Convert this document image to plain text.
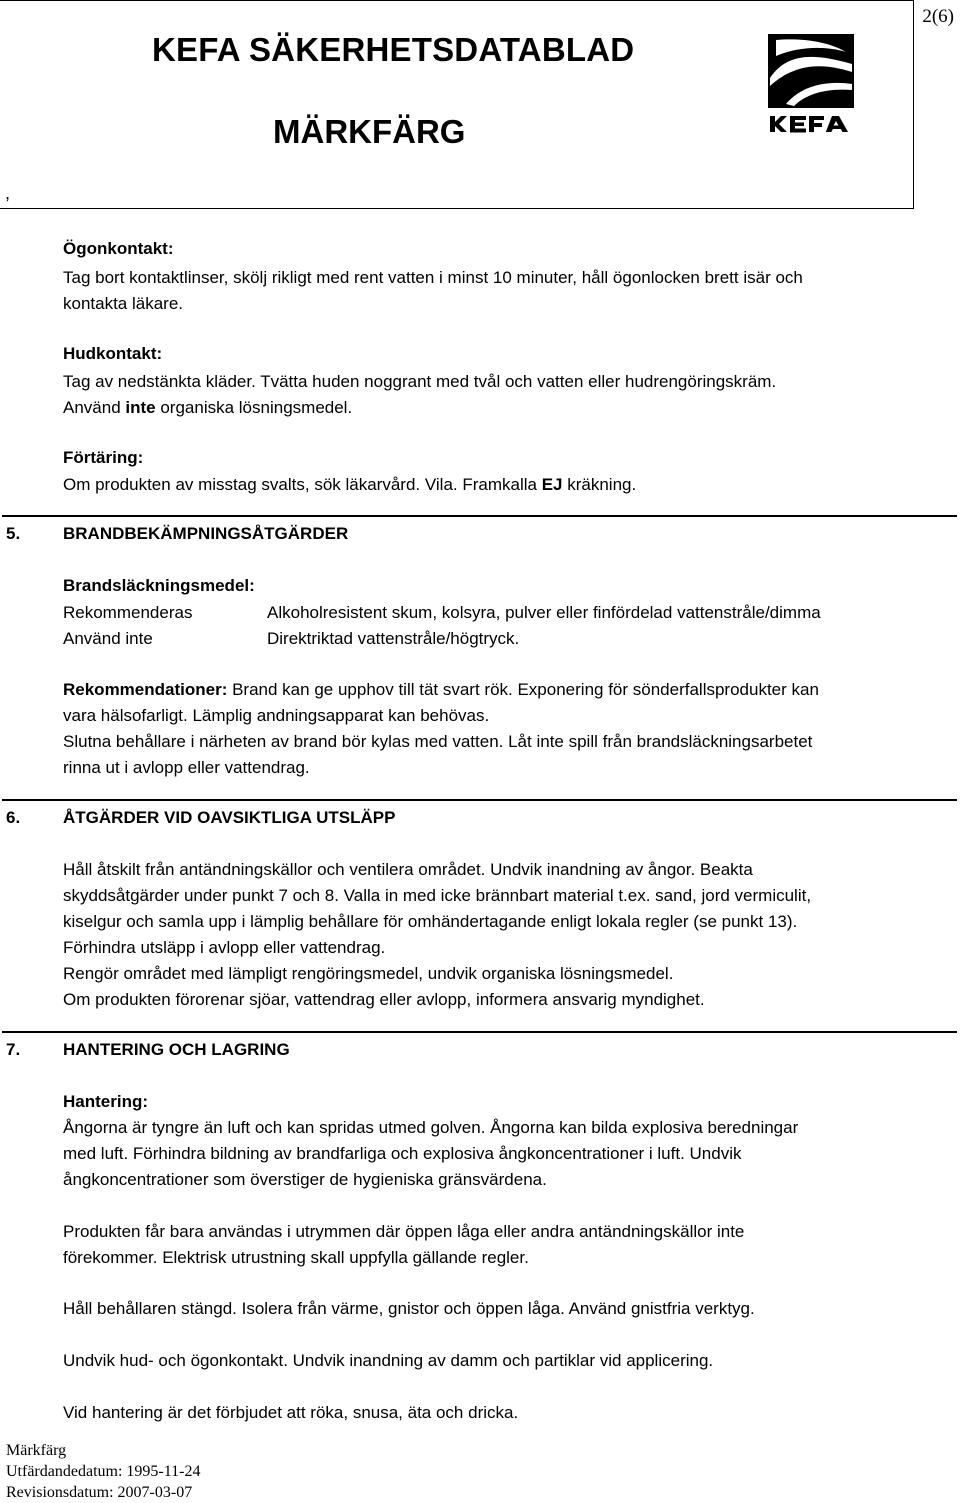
2(6)
KEFA SÄKERHETSDATABLAD
MÄRKFÄRG
,
KEFA
Ögonkontakt:
Tag bort kontaktlinser, skölj rikligt med rent vatten i minst 10 minuter, håll ögonlocken brett isär och
kontakta läkare.
Hudkontakt:
Tag av nedstänkta kläder. Tvätta huden noggrant med tvål och vatten eller hudrengöringskräm.
Använd inte organiska lösningsmedel.
Förtäring:
Om produkten av misstag svalts, sök läkarvård. Vila. Framkalla EJ kräkning.
5.	BRANDBEKÄMPNINGSÅTGÄRDER
Brandsläckningsmedel:
Rekommenderas	Alkoholresistent skum, kolsyra, pulver eller finfördelad vattenstråle/dimma
Använd inte	Direktriktad vattenstråle/högtryck.
Rekommendationer: Brand kan ge upphov till tät svart rök. Exponering för sönderfallsprodukter kan
vara hälsofarligt. Lämplig andningsapparat kan behövas.
Slutna behållare i närheten av brand bör kylas med vatten. Låt inte spill från brandsläckningsarbetet
rinna ut i avlopp eller vattendrag.
6.	ÅTGÄRDER VID OAVSIKTLIGA UTSLÄPP
Håll åtskilt från antändningskällor och ventilera området. Undvik inandning av ångor. Beakta
skyddsåtgärder under punkt 7 och 8. Valla in med icke brännbart material t.ex. sand, jord vermiculit,
kiselgur och samla upp i lämplig behållare för omhändertagande enligt lokala regler (se punkt 13).
Förhindra utsläpp i avlopp eller vattendrag.
Rengör området med lämpligt rengöringsmedel, undvik organiska lösningsmedel.
Om produkten förorenar sjöar, vattendrag eller avlopp, informera ansvarig myndighet.
7.	HANTERING OCH LAGRING
Hantering:
Ångorna är tyngre än luft och kan spridas utmed golven. Ångorna kan bilda explosiva beredningar
med luft. Förhindra bildning av brandfarliga och explosiva ångkoncentrationer i luft. Undvik
ångkoncentrationer som överstiger de hygieniska gränsvärdena.
Produkten får bara användas i utrymmen där öppen låga eller andra antändningskällor inte
förekommer. Elektrisk utrustning skall uppfylla gällande regler.
Håll behållaren stängd. Isolera från värme, gnistor och öppen låga. Använd gnistfria verktyg.
Undvik hud- och ögonkontakt. Undvik inandning av damm och partiklar vid applicering.
Vid hantering är det förbjudet att röka, snusa, äta och dricka.
Märkfärg
Utfärdandedatum: 1995-11-24
Revisionsdatum: 2007-03-07
